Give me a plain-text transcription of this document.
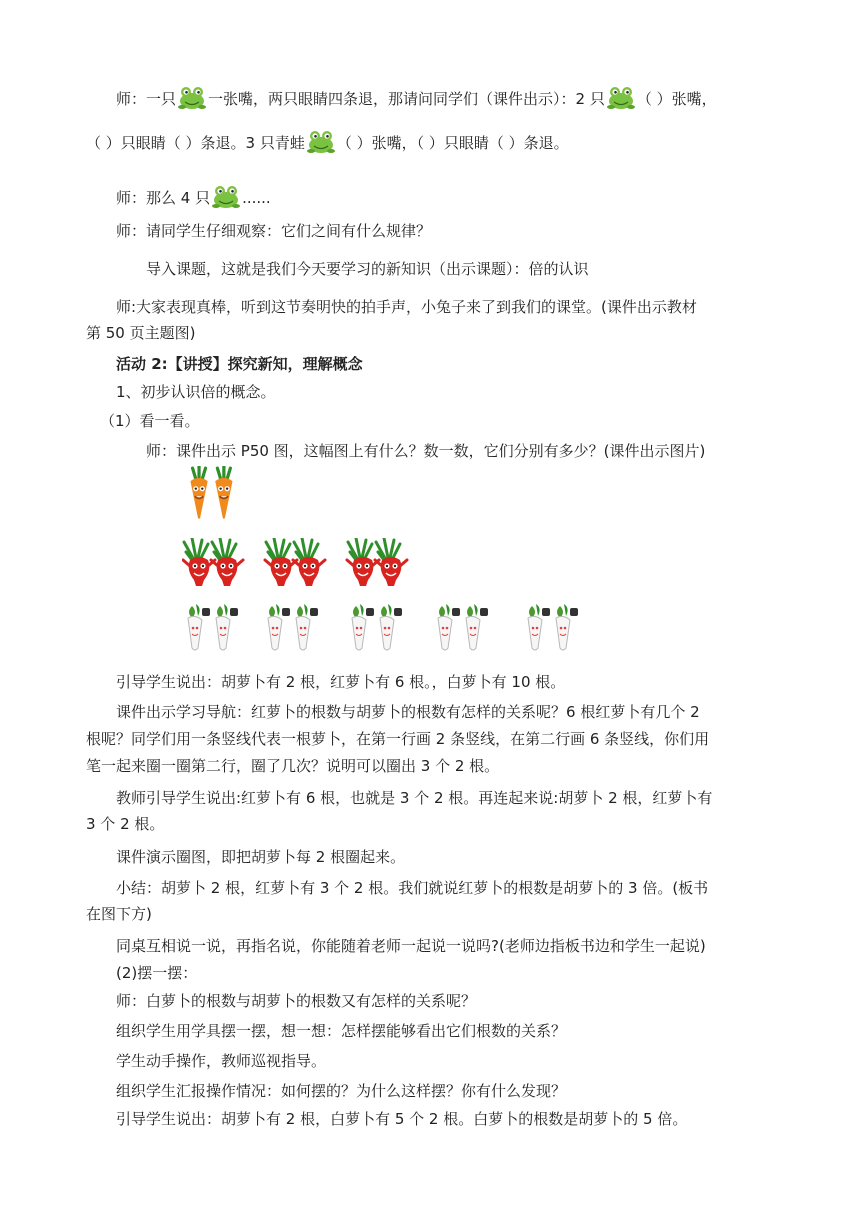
师：一只 一张嘴，两只眼睛四条退，那请问同学们（课件出示）：2 只 （ ）张嘴，
（ ）只眼睛（ ）条退。3 只青蛙 （ ）张嘴，（ ）只眼睛（ ）条退。
师：那么 4 只 ......
师：请同学生仔细观察：它们之间有什么规律？
导入课题，这就是我们今天要学习的新知识（出示课题）：倍的认识
师:大家表现真棒，听到这节奏明快的拍手声，小兔子来了到我们的课堂。(课件出示教材
第 50 页主题图)
活动 2:【讲授】探究新知，理解概念
1、初步认识倍的概念。
（1）看一看。
师：课件出示 P50 图，这幅图上有什么？数一数，它们分别有多少？(课件出示图片)
引导学生说出：胡萝卜有 2 根，红萝卜有 6 根。，白萝卜有 10 根。
课件出示学习导航：红萝卜的根数与胡萝卜的根数有怎样的关系呢？6 根红萝卜有几个 2
根呢？同学们用一条竖线代表一根萝卜，在第一行画 2 条竖线，在第二行画 6 条竖线，你们用
笔一起来圈一圈第二行，圈了几次？说明可以圈出 3 个 2 根。
教师引导学生说出:红萝卜有 6 根，也就是 3 个 2 根。再连起来说:胡萝卜 2 根，红萝卜有
3 个 2 根。
课件演示圈图，即把胡萝卜每 2 根圈起来。
小结：胡萝卜 2 根，红萝卜有 3 个 2 根。我们就说红萝卜的根数是胡萝卜的 3 倍。(板书
在图下方)
同桌互相说一说，再指名说，你能随着老师一起说一说吗?(老师边指板书边和学生一起说)
(2)摆一摆：
师：白萝卜的根数与胡萝卜的根数又有怎样的关系呢？
组织学生用学具摆一摆，想一想：怎样摆能够看出它们根数的关系？
学生动手操作，教师巡视指导。
组织学生汇报操作情况：如何摆的？为什么这样摆？你有什么发现？
引导学生说出：胡萝卜有 2 根，白萝卜有 5 个 2 根。白萝卜的根数是胡萝卜的 5 倍。
